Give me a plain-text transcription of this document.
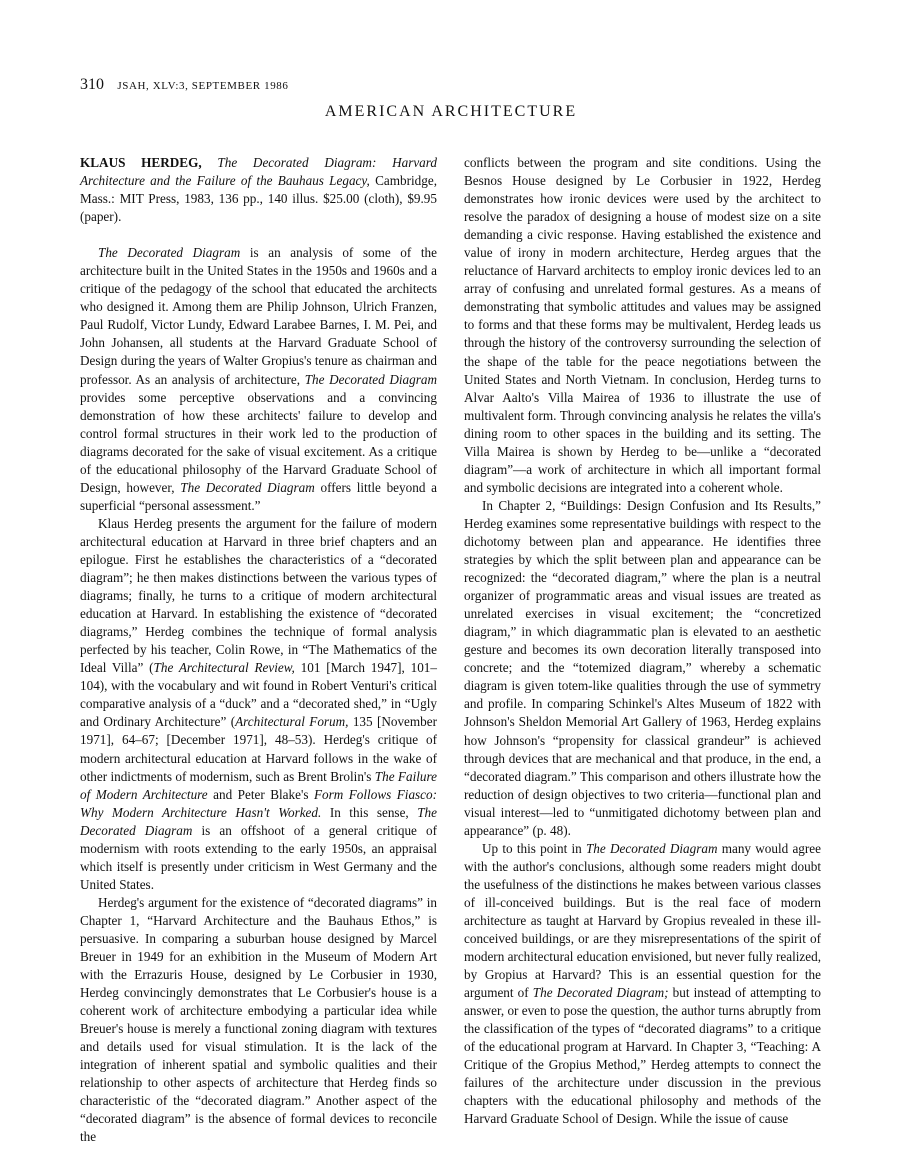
310 JSAH, XLV:3, SEPTEMBER 1986
AMERICAN ARCHITECTURE

KLAUS HERDEG, The Decorated Diagram: Harvard Architecture and the Failure of the Bauhaus Legacy, Cambridge, Mass.: MIT Press, 1983, 136 pp., 140 illus. $25.00 (cloth), $9.95 (paper).

The Decorated Diagram is an analysis of some of the architecture built in the United States in the 1950s and 1960s and a critique of the pedagogy of the school that educated the architects who designed it. Among them are Philip Johnson, Ulrich Franzen, Paul Rudolf, Victor Lundy, Edward Larabee Barnes, I. M. Pei, and John Johansen, all students at the Harvard Graduate School of Design during the years of Walter Gropius's tenure as chairman and professor. As an analysis of architecture, The Decorated Diagram provides some perceptive observations and a convincing demonstration of how these architects' failure to develop and control formal structures in their work led to the production of diagrams decorated for the sake of visual excitement. As a critique of the educational philosophy of the Harvard Graduate School of Design, however, The Decorated Diagram offers little beyond a superficial “personal assessment.”

Klaus Herdeg presents the argument for the failure of modern architectural education at Harvard in three brief chapters and an epilogue. First he establishes the characteristics of a “decorated diagram”; he then makes distinctions between the various types of diagrams; finally, he turns to a critique of modern architectural education at Harvard. In establishing the existence of “decorated diagrams,” Herdeg combines the technique of formal analysis perfected by his teacher, Colin Rowe, in “The Mathematics of the Ideal Villa” (The Architectural Review, 101 [March 1947], 101–104), with the vocabulary and wit found in Robert Venturi's critical comparative analysis of a “duck” and a “decorated shed,” in “Ugly and Ordinary Architecture” (Architectural Forum, 135 [November 1971], 64–67; [December 1971], 48–53). Herdeg's critique of modern architectural education at Harvard follows in the wake of other indictments of modernism, such as Brent Brolin's The Failure of Modern Architecture and Peter Blake's Form Follows Fiasco: Why Modern Architecture Hasn't Worked. In this sense, The Decorated Diagram is an offshoot of a general critique of modernism with roots extending to the early 1950s, an appraisal which itself is presently under criticism in West Germany and the United States.

Herdeg's argument for the existence of “decorated diagrams” in Chapter 1, “Harvard Architecture and the Bauhaus Ethos,” is persuasive. In comparing a suburban house designed by Marcel Breuer in 1949 for an exhibition in the Museum of Modern Art with the Errazuris House, designed by Le Corbusier in 1930, Herdeg convincingly demonstrates that Le Corbusier's house is a coherent work of architecture embodying a particular idea while Breuer's house is merely a functional zoning diagram with textures and details used for visual stimulation. It is the lack of the integration of inherent spatial and symbolic qualities and their relationship to other aspects of architecture that Herdeg finds so characteristic of the “decorated diagram.” Another aspect of the “decorated diagram” is the absence of formal devices to reconcile the

conflicts between the program and site conditions. Using the Besnos House designed by Le Corbusier in 1922, Herdeg demonstrates how ironic devices were used by the architect to resolve the paradox of designing a house of modest size on a site demanding a civic response. Having established the existence and value of irony in modern architecture, Herdeg argues that the reluctance of Harvard architects to employ ironic devices led to an array of confusing and unrelated formal gestures. As a means of demonstrating that symbolic attitudes and values may be assigned to forms and that these forms may be multivalent, Herdeg leads us through the history of the controversy surrounding the selection of the shape of the table for the peace negotiations between the United States and North Vietnam. In conclusion, Herdeg turns to Alvar Aalto's Villa Mairea of 1936 to illustrate the use of multivalent form. Through convincing analysis he relates the villa's dining room to other spaces in the building and its setting. The Villa Mairea is shown by Herdeg to be—unlike a “decorated diagram”—a work of architecture in which all important formal and symbolic decisions are integrated into a coherent whole.

In Chapter 2, “Buildings: Design Confusion and Its Results,” Herdeg examines some representative buildings with respect to the dichotomy between plan and appearance. He identifies three strategies by which the split between plan and appearance can be recognized: the “decorated diagram,” where the plan is a neutral organizer of programmatic areas and visual issues are treated as unrelated exercises in visual excitement; the “concretized diagram,” in which diagrammatic plan is elevated to an aesthetic gesture and becomes its own decoration literally transposed into concrete; and the “totemized diagram,” whereby a schematic diagram is given totem-like qualities through the use of symmetry and profile. In comparing Schinkel's Altes Museum of 1822 with Johnson's Sheldon Memorial Art Gallery of 1963, Herdeg explains how Johnson's “propensity for classical grandeur” is achieved through devices that are mechanical and that produce, in the end, a “decorated diagram.” This comparison and others illustrate how the reduction of design objectives to two criteria—functional plan and visual interest—led to “unmitigated dichotomy between plan and appearance” (p. 48).

Up to this point in The Decorated Diagram many would agree with the author's conclusions, although some readers might doubt the usefulness of the distinctions he makes between various classes of ill-conceived buildings. But is the real face of modern architecture as taught at Harvard by Gropius revealed in these ill-conceived buildings, or are they misrepresentations of the spirit of modern architectural education envisioned, but never fully realized, by Gropius at Harvard? This is an essential question for the argument of The Decorated Diagram; but instead of attempting to answer, or even to pose the question, the author turns abruptly from the classification of the types of “decorated diagrams” to a critique of the educational program at Harvard. In Chapter 3, “Teaching: A Critique of the Gropius Method,” Herdeg attempts to connect the failures of the architecture under discussion in the previous chapters with the educational philosophy and methods of the Harvard Graduate School of Design. While the issue of cause
